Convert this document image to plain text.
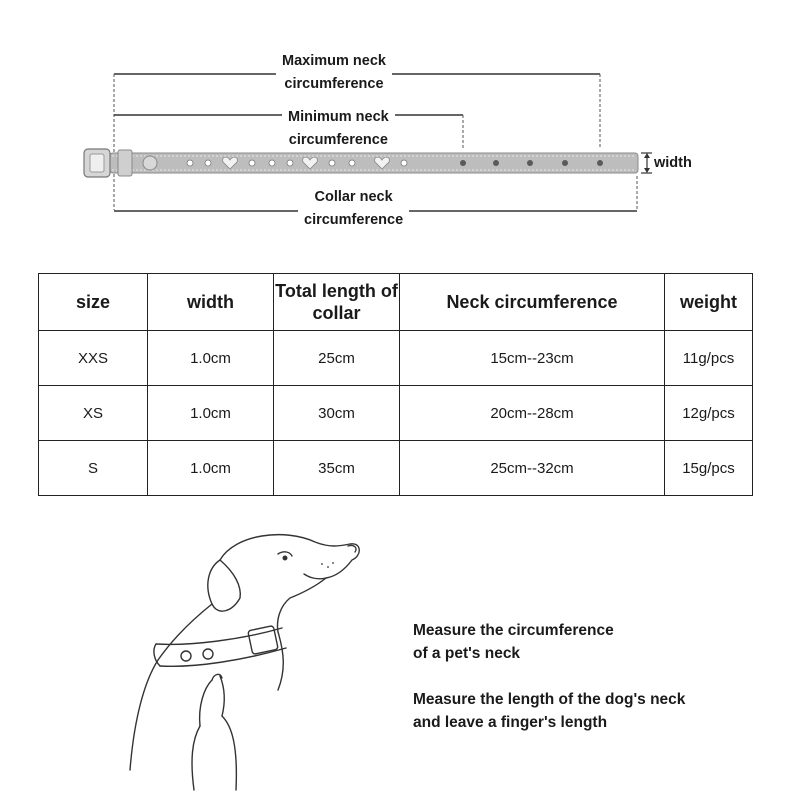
Maximum neck
circumference
Minimum neck
circumference
Collar neck
circumference
width
size	width	Total length of collar	Neck circumference	weight
XXS	1.0cm	25cm	15cm--23cm	11g/pcs
XS	1.0cm	30cm	20cm--28cm	12g/pcs
S	1.0cm	35cm	25cm--32cm	15g/pcs
Measure the circumference
of a pet's neck
Measure the length of the dog's neck
and leave a finger's length
